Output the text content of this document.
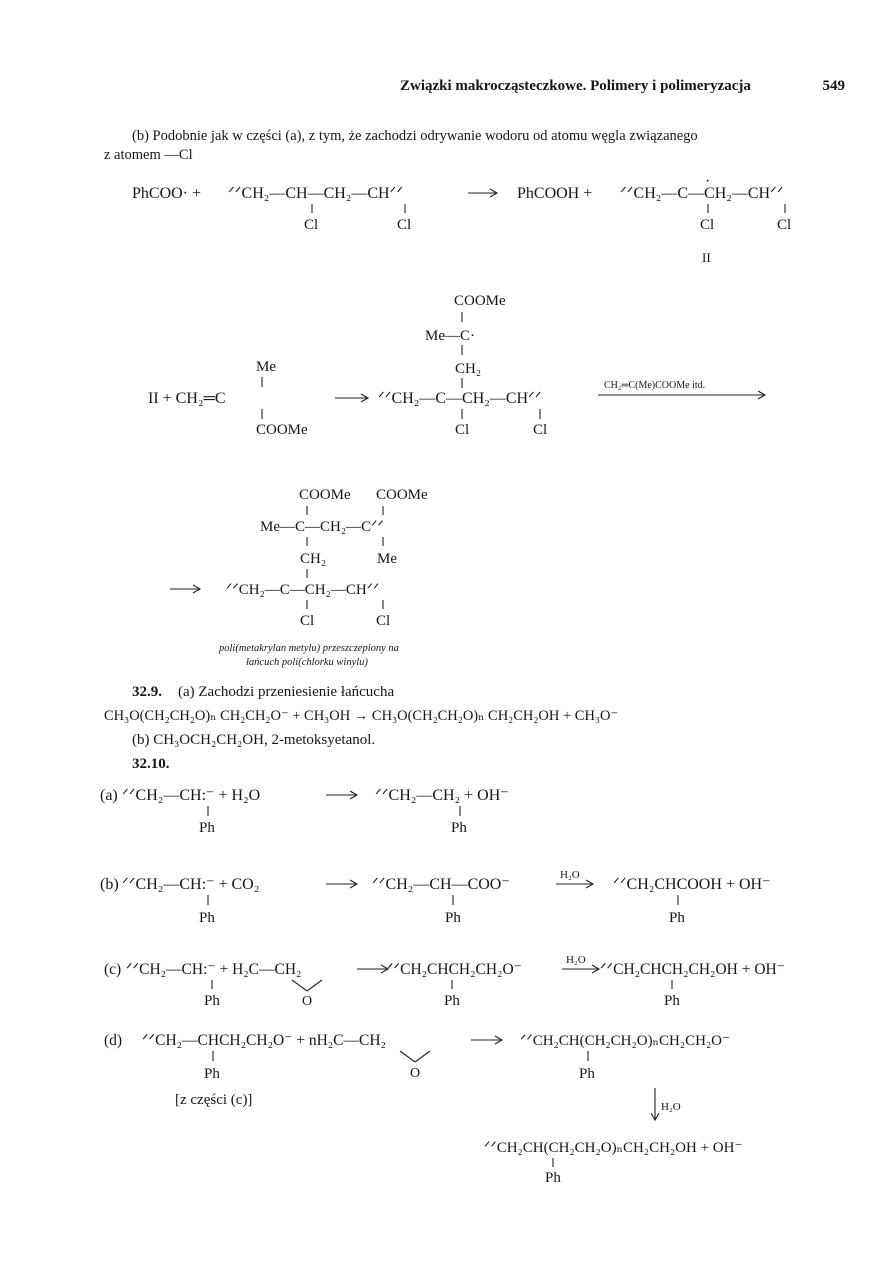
Związki makrocząsteczkowe. Polimery i polimeryzacja	549
(b) Podobnie jak w części (a), z tym, że zachodzi odrywanie wodoru od atomu węgla związanego
z atomem —Cl
PhCOO· + ᐟᐟCH₂—CH—CH₂—CHᐟᐟ
Cl	Cl
PhCOOH + ᐟᐟCH₂—C—CH₂—CHᐟᐟ
·
Cl	Cl
II
COOMe
Me—C·
CH₂
Me
II + CH₂═C
COOMe
ᐟᐟCH₂—C—CH₂—CHᐟᐟ
Cl	Cl
CH₂═C(Me)COOMe itd.
COOMe COOMe
Me—C—CH₂—Cᐟᐟ
CH₂	Me
ᐟᐟCH₂—C—CH₂—CHᐟᐟ
Cl	Cl
poli(metakrylan metylu) przeszczepiony na
łańcuch poli(chlorku winylu)
32.9. (a) Zachodzi przeniesienie łańcucha
CH₃O(CH₂CH₂O)ₙ CH₂CH₂O⁻ + CH₃OH → CH₃O(CH₂CH₂O)ₙ CH₂CH₂OH + CH₃O⁻
(b) CH₃OCH₂CH₂OH, 2-metoksyetanol.
32.10.
(a) ᐟᐟCH₂—CH:⁻ + H₂O
Ph
ᐟᐟCH₂—CH₂ + OH⁻
Ph
(b) ᐟᐟCH₂—CH:⁻ + CO₂
Ph
ᐟᐟCH₂—CH—COO⁻
Ph
H₂O
ᐟᐟCH₂CHCOOH + OH⁻
Ph
(c) ᐟᐟCH₂—CH:⁻ + H₂C—CH₂
Ph	O
ᐟᐟCH₂CHCH₂CH₂O⁻
Ph
H₂O
ᐟᐟCH₂CHCH₂CH₂OH + OH⁻
Ph
(d) ᐟᐟCH₂—CHCH₂CH₂O⁻ + nH₂C—CH₂
Ph	O
ᐟᐟCH₂CH(CH₂CH₂O)ₙCH₂CH₂O⁻
Ph
[z części (c)]	H₂O
ᐟᐟCH₂CH(CH₂CH₂O)ₙCH₂CH₂OH + OH⁻
Ph
